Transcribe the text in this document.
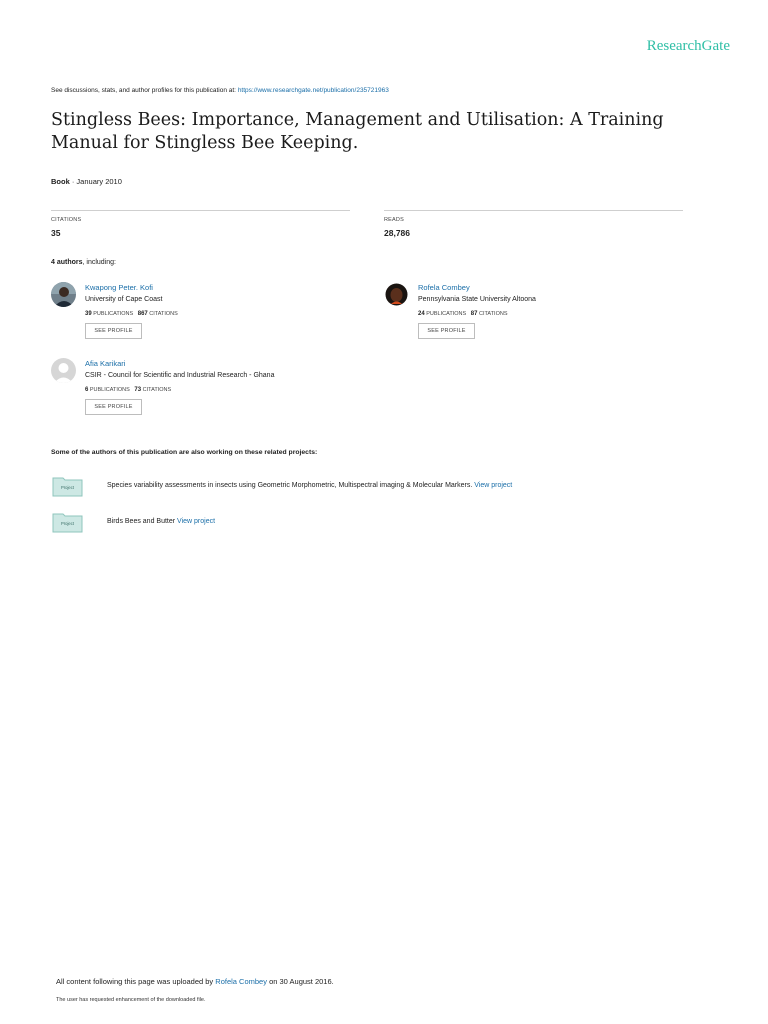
ResearchGate
See discussions, stats, and author profiles for this publication at: https://www.researchgate.net/publication/235721963
Stingless Bees: Importance, Management and Utilisation: A Training Manual for Stingless Bee Keeping.
Book · January 2010
CITATIONS
35
READS
28,786
4 authors, including:
Kwapong Peter. Kofi
University of Cape Coast
39 PUBLICATIONS 867 CITATIONS
SEE PROFILE
Rofela Combey
Pennsylvania State University Altoona
24 PUBLICATIONS 87 CITATIONS
SEE PROFILE
Afia Karikari
CSIR - Council for Scientific and Industrial Research - Ghana
6 PUBLICATIONS 73 CITATIONS
SEE PROFILE
Some of the authors of this publication are also working on these related projects:
Project	Species variability assessments in insects using Geometric Morphometric, Multispectral imaging & Molecular Markers. View project
Project	Birds Bees and Butter View project
All content following this page was uploaded by Rofela Combey on 30 August 2016.
The user has requested enhancement of the downloaded file.
